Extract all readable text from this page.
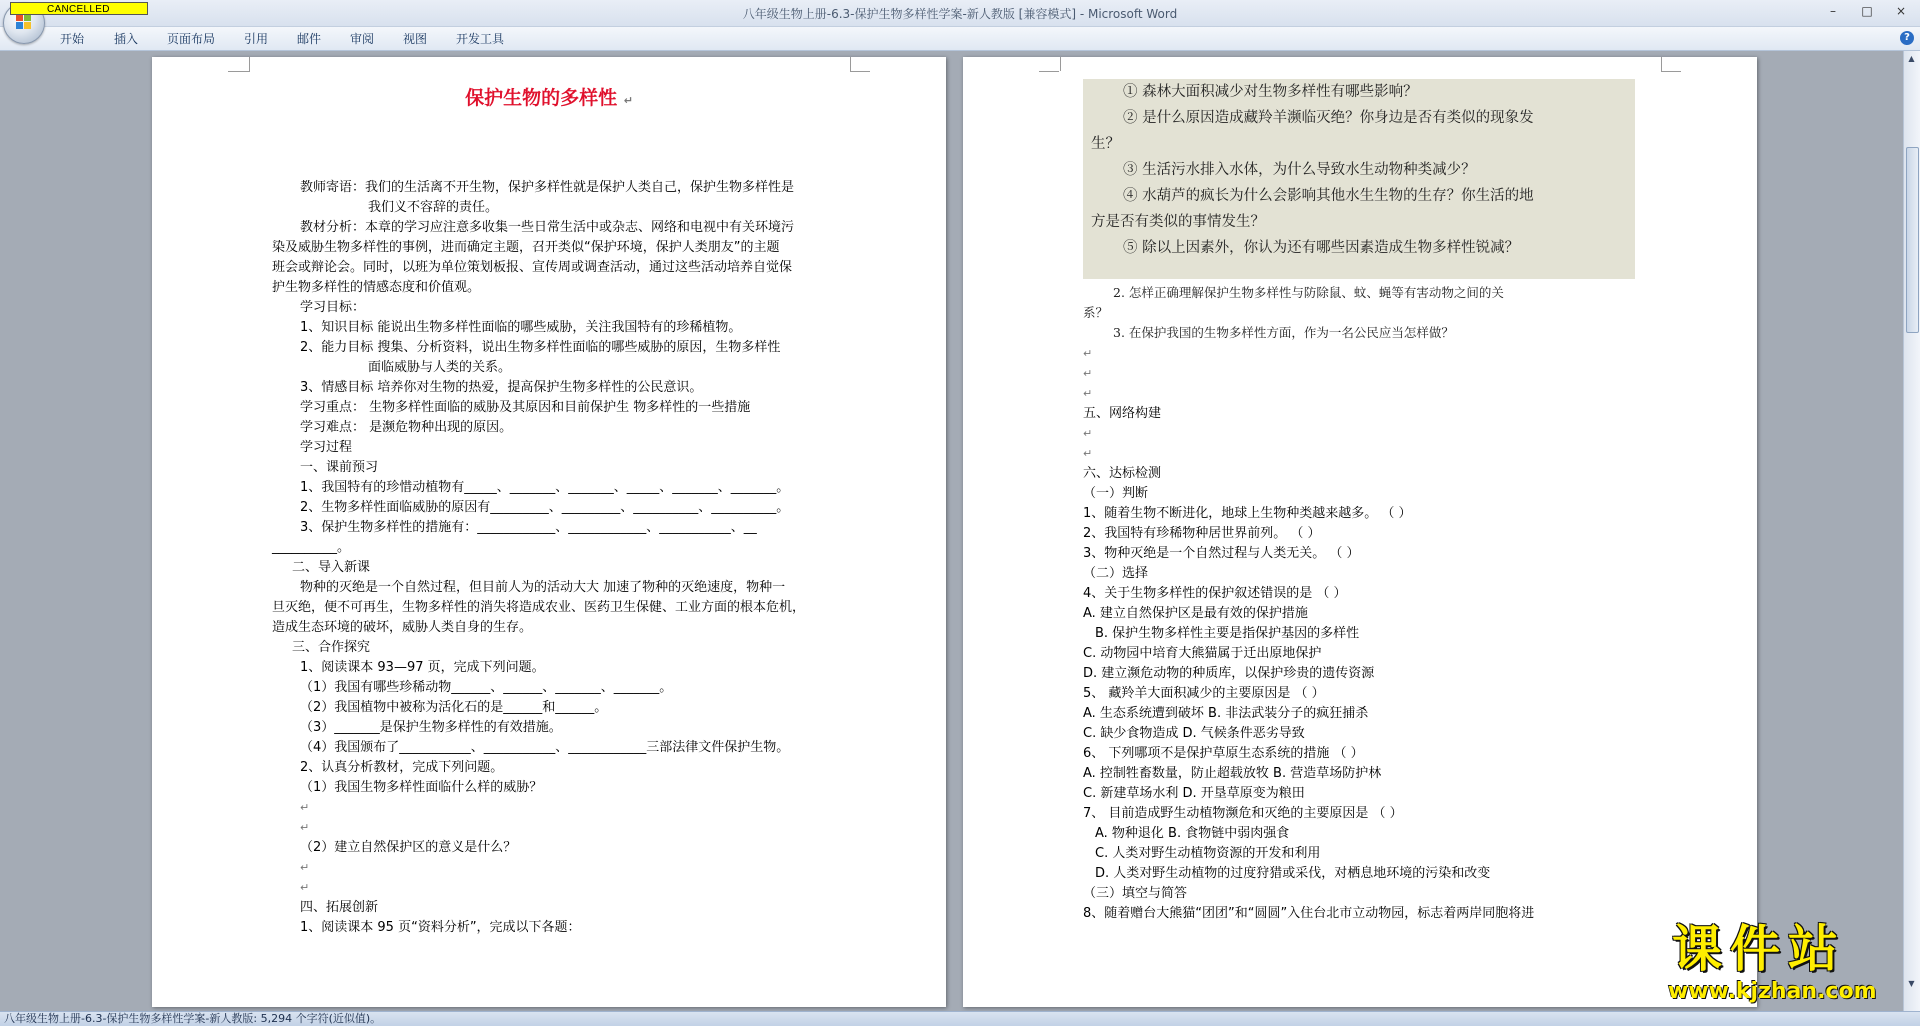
八年级生物上册-6.3-保护生物多样性学案-新人教版 [兼容模式] - Microsoft Word	–	□	×
CANCELLED
开始 插入 页面布局 引用 邮件 审阅 视图 开发工具	?
保护生物的多样性 ↵
教师寄语：我们的生活离不开生物，保护多样性就是保护人类自己，保护生物多样性是
我们义不容辞的责任。
教材分析：本章的学习应注意多收集一些日常生活中或杂志、网络和电视中有关环境污
染及威胁生物多样性的事例，进而确定主题，召开类似“保护环境，保护人类朋友”的主题
班会或辩论会。同时，以班为单位策划板报、宣传周或调查活动，通过这些活动培养自觉保
护生物多样性的情感态度和价值观。
学习目标：
1、知识目标 能说出生物多样性面临的哪些威胁，关注我国特有的珍稀植物。
2、能力目标 搜集、分析资料，说出生物多样性面临的哪些威胁的原因，生物多样性
面临威胁与人类的关系。
3、情感目标 培养你对生物的热爱，提高保护生物多样性的公民意识。
学习重点： 生物多样性面临的威胁及其原因和目前保护生 物多样性的一些措施
学习难点： 是濒危物种出现的原因。
学习过程
一、课前预习
1、我国特有的珍惜动植物有_____、_______、_______、_____、_______、_______。
2、生物多样性面临威胁的原因有_________、_________、__________、__________。
3、保护生物多样性的措施有：____________、____________、___________、__
__________。
二、导入新课
物种的灭绝是一个自然过程，但目前人为的活动大大 加速了物种的灭绝速度，物种一
旦灭绝，便不可再生，生物多样性的消失将造成农业、医药卫生保健、工业方面的根本危机，
造成生态环境的破坏，威胁人类自身的生存。
三、合作探究
1、阅读课本 93—97 页，完成下列问题。
（1）我国有哪些珍稀动物______、______、_______、_______。
（2）我国植物中被称为活化石的是______和______。
（3）_______是保护生物多样性的有效措施。
（4）我国颁布了___________、___________、____________三部法律文件保护生物。
2、认真分析教材，完成下列问题。
（1）我国生物多样性面临什么样的威胁？
↵
↵
（2）建立自然保护区的意义是什么？
↵
↵
四、拓展创新
1、阅读课本 95 页“资料分析”，完成以下各题：
① 森林大面积减少对生物多样性有哪些影响？
② 是什么原因造成藏羚羊濒临灭绝？你身边是否有类似的现象发
生？
③ 生活污水排入水体，为什么导致水生动物种类减少？
④ 水葫芦的疯长为什么会影响其他水生生物的生存？你生活的地
方是否有类似的事情发生？
⑤ 除以上因素外，你认为还有哪些因素造成生物多样性锐减？
2. 怎样正确理解保护生物多样性与防除鼠、蚊、蝇等有害动物之间的关
系？
3. 在保护我国的生物多样性方面，作为一名公民应当怎样做？
↵
↵
↵
五、网络构建
↵
↵
六、达标检测
（一）判断
1、随着生物不断进化，地球上生物种类越来越多。 （ ）
2、我国特有珍稀物种居世界前列。 （ ）
3、物种灭绝是一个自然过程与人类无关。 （ ）
（二）选择
4、关于生物多样性的保护叙述错误的是 （ ）
A. 建立自然保护区是最有效的保护措施
B. 保护生物多样性主要是指保护基因的多样性
C. 动物园中培育大熊猫属于迁出原地保护
D. 建立濒危动物的种质库，以保护珍贵的遗传资源
5、 藏羚羊大面积减少的主要原因是 （ ）
A. 生态系统遭到破坏 B. 非法武装分子的疯狂捕杀
C. 缺少食物造成 D. 气候条件恶劣导致
6、 下列哪项不是保护草原生态系统的措施 （ ）
A. 控制牲畜数量，防止超载放牧 B. 营造草场防护林
C. 新建草场水利 D. 开垦草原变为粮田
7、 目前造成野生动植物濒危和灭绝的主要原因是 （ ）
A. 物种退化 B. 食物链中弱肉强食
C. 人类对野生动植物资源的开发和利用
D. 人类对野生动植物的过度狩猎或采伐，对栖息地环境的污染和改变
（三）填空与简答
8、随着赠台大熊猫“团团”和“圆圆”入住台北市立动物园，标志着两岸同胞将进
▲
▼
课件站
www.kjzhan.com
八年级生物上册-6.3-保护生物多样性学案-新人教版: 5,294 个字符(近似值)。
